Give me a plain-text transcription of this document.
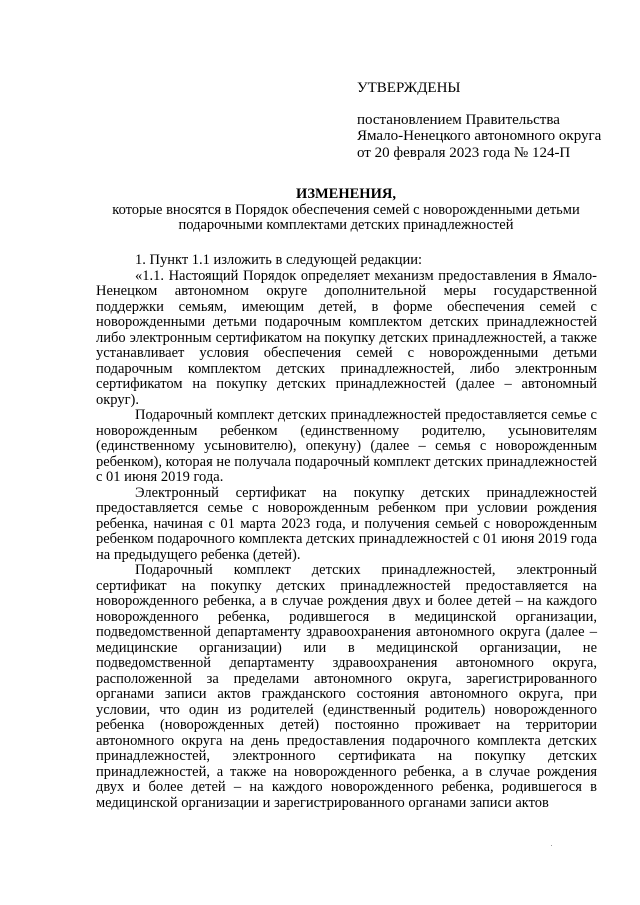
УТВЕРЖДЕНЫ
постановлением Правительства
Ямало-Ненецкого автономного округа
от 20 февраля 2023 года № 124-П
ИЗМЕНЕНИЯ,
которые вносятся в Порядок обеспечения семей с новорожденными детьми
подарочными комплектами детских принадлежностей

1. Пункт 1.1 изложить в следующей редакции:

«1.1. Настоящий Порядок определяет механизм предоставления в Ямало-Ненецком автономном округе дополнительной меры государственной поддержки семьям, имеющим детей, в форме обеспечения семей с новорожденными детьми подарочным комплектом детских принадлежностей либо электронным сертификатом на покупку детских принадлежностей, а также устанавливает условия обеспечения семей с новорожденными детьми подарочным комплектом детских принадлежностей, либо электронным сертификатом на покупку детских принадлежностей (далее – автономный округ).

Подарочный комплект детских принадлежностей предоставляется семье с новорожденным ребенком (единственному родителю, усыновителям (единственному усыновителю), опекуну) (далее – семья с новорожденным ребенком), которая не получала подарочный комплект детских принадлежностей с 01 июня 2019 года.

Электронный сертификат на покупку детских принадлежностей предоставляется семье с новорожденным ребенком при условии рождения ребенка, начиная с 01 марта 2023 года, и получения семьей с новорожденным ребенком подарочного комплекта детских принадлежностей с 01 июня 2019 года на предыдущего ребенка (детей).

Подарочный комплект детских принадлежностей, электронный сертификат на покупку детских принадлежностей предоставляется на новорожденного ребенка, а в случае рождения двух и более детей – на каждого новорожденного ребенка, родившегося в медицинской организации, подведомственной департаменту здравоохранения автономного округа (далее – медицинские организации) или в медицинской организации, не подведомственной департаменту здравоохранения автономного округа, расположенной за пределами автономного округа, зарегистрированного органами записи актов гражданского состояния автономного округа, при условии, что один из родителей (единственный родитель) новорожденного ребенка (новорожденных детей) постоянно проживает на территории автономного округа на день предоставления подарочного комплекта детских принадлежностей, электронного сертификата на покупку детских принадлежностей, а также на новорожденного ребенка, а в случае рождения двух и более детей – на каждого новорожденного ребенка, родившегося в медицинской организации и зарегистрированного органами записи актов
